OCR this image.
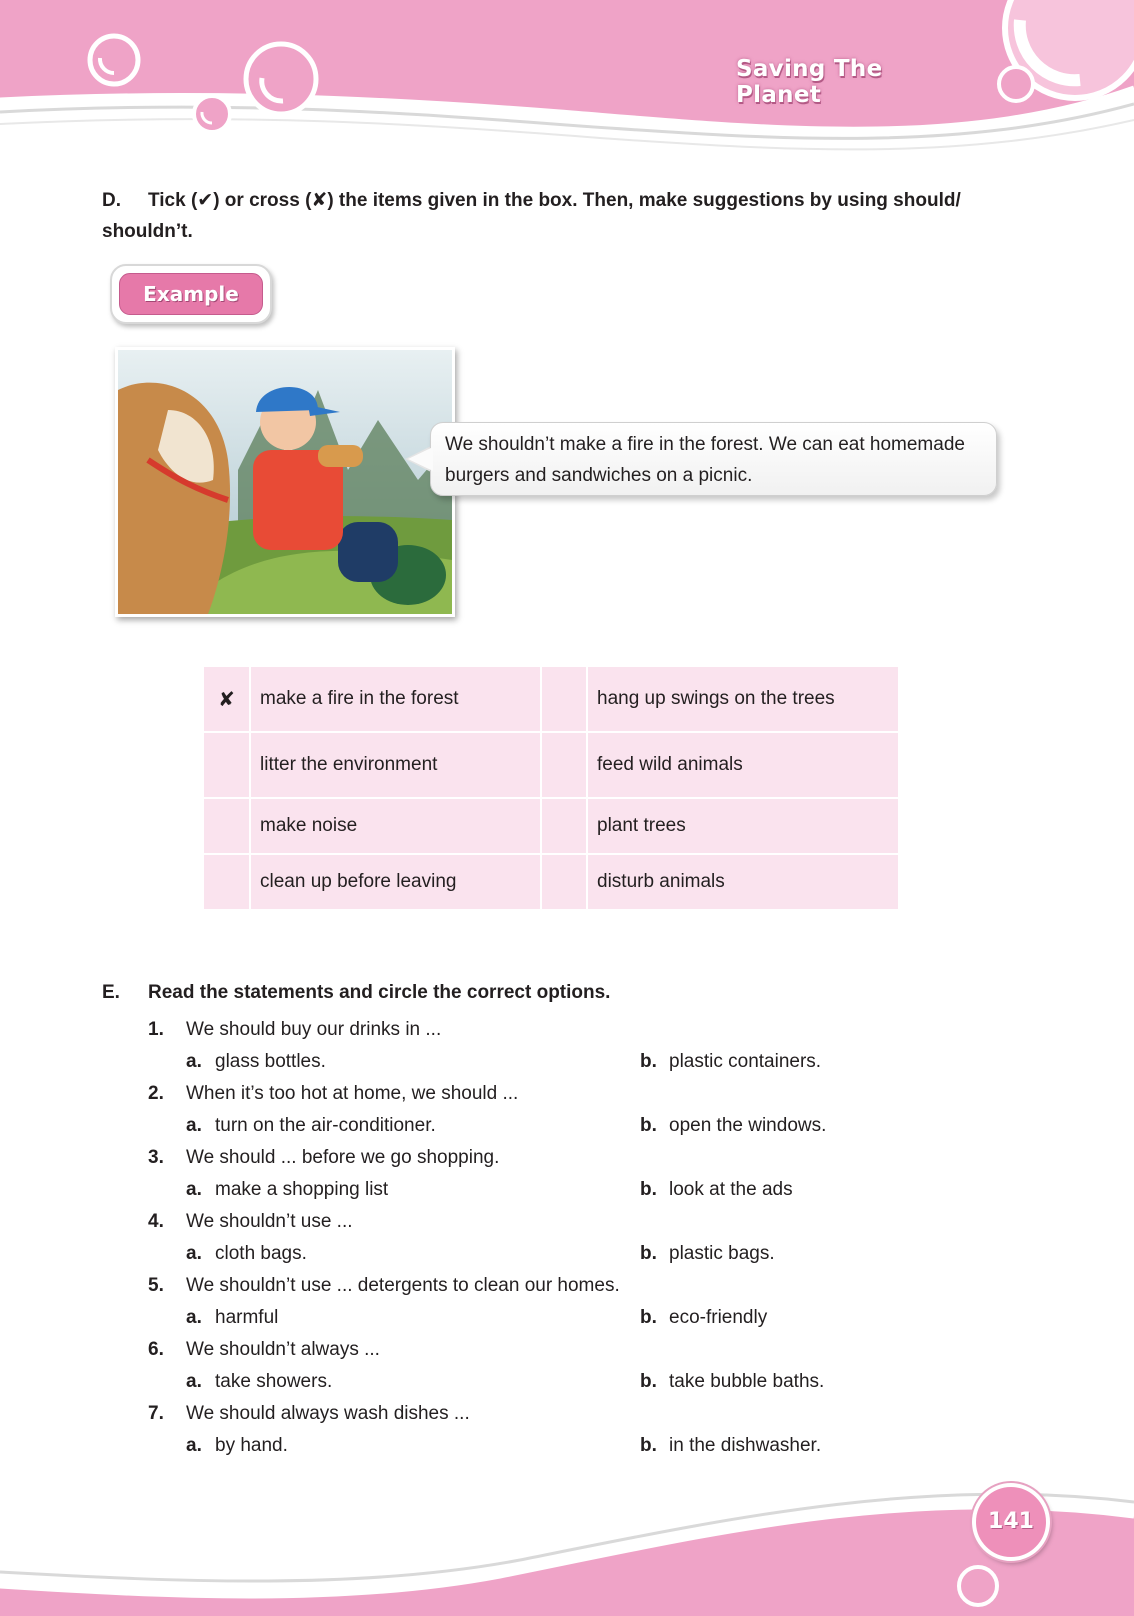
Saving The Planet
D. Tick (✔) or cross (✘) the items given in the box. Then, make suggestions by using should/ shouldn’t.
Example
We shouldn’t make a fire in the forest. We can eat homemade burgers and sandwiches on a picnic.
✘	make a fire in the forest	hang up swings on the trees
litter the environment	feed wild animals
make noise	plant trees
clean up before leaving	disturb animals
E. Read the statements and circle the correct options.
1. We should buy our drinks in ...
a. glass bottles.	b. plastic containers.
2. When it’s too hot at home, we should ...
a. turn on the air-conditioner.	b. open the windows.
3. We should ... before we go shopping.
a. make a shopping list	b. look at the ads
4. We shouldn’t use ...
a. cloth bags.	b. plastic bags.
5. We shouldn’t use ... detergents to clean our homes.
a. harmful	b. eco-friendly
6. We shouldn’t always ...
a. take showers.	b. take bubble baths.
7. We should always wash dishes ...
a. by hand.	b. in the dishwasher.
141
